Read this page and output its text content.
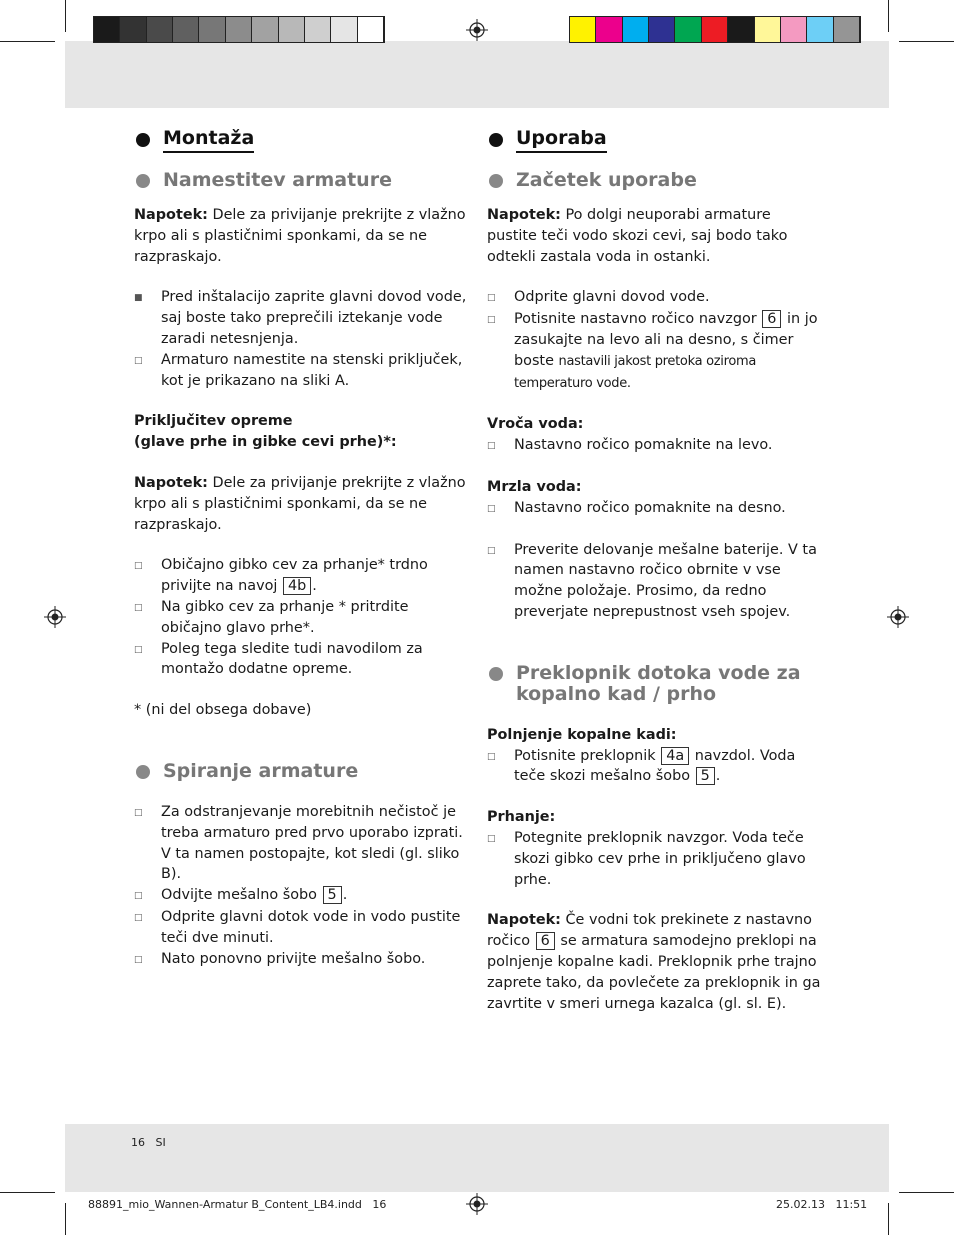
Montaža
Namestitev armature

Napotek: Dele za privijanje prekrijte z vlažno krpo ali s plastičnimi sponkami, da se ne razpraskajo.

■
Pred inštalacijo zaprite glavni dovod vode, saj boste tako preprečili iztekanje vode zaradi netesnjenja.
□
Armaturo namestite na stenski priključek, kot je prikazano na sliki A.

Priključitev opreme
(glave prhe in gibke cevi prhe)*:

Napotek: Dele za privijanje prekrijte z vlažno krpo ali s plastičnimi sponkami, da se ne razpraskajo.

□
Običajno gibko cev za prhanje* trdno privijte na navoj 4b .
□
Na gibko cev za prhanje * pritrdite običajno glavo prhe*.
□
Poleg tega sledite tudi navodilom za montažo dodatne opreme.

* (ni del obsega dobave)

Spiranje armature
□
Za odstranjevanje morebitnih nečistoč je treba armaturo pred prvo uporabo izprati. V ta namen postopajte, kot sledi (gl. sliko B).
□
Odvijte mešalno šobo 5 .
□
Odprite glavni dotok vode in vodo pustite teči dve minuti.
□
Nato ponovno privijte mešalno šobo.
Uporaba
Začetek uporabe

Napotek: Po dolgi neuporabi armature pustite teči vodo skozi cevi, saj bodo tako odtekli zastala voda in ostanki.

□
Odprite glavni dovod vode.
□
Potisnite nastavno ročico navzgor 6 in jo zasukajte na levo ali na desno, s čimer boste nastavili jakost pretoka oziroma temperaturo vode.

Vroča voda:

□
Nastavno ročico pomaknite na levo.

Mrzla voda:

□
Nastavno ročico pomaknite na desno.
□
Preverite delovanje mešalne baterije. V ta namen nastavno ročico obrnite v vse možne položaje. Prosimo, da redno preverjate neprepustnost vseh spojev.
Preklopnik dotoka vode za kopalno kad / prho

Polnjenje kopalne kadi:

□
Potisnite preklopnik 4a navzdol. Voda teče skozi mešalno šobo 5 .

Prhanje:

□
Potegnite preklopnik navzgor. Voda teče skozi gibko cev prhe in priključeno glavo prhe.

Napotek: Če vodni tok prekinete z nastavno ročico 6 se armatura samodejno preklopi na polnjenje kopalne kadi. Preklopnik prhe trajno zaprete tako, da povlečete za preklopnik in ga zavrtite v smeri urnega kazalca (gl. sl. E).

16 SI
88891_mio_Wannen-Armatur B_Content_LB4.indd   16	25.02.13   11:51
